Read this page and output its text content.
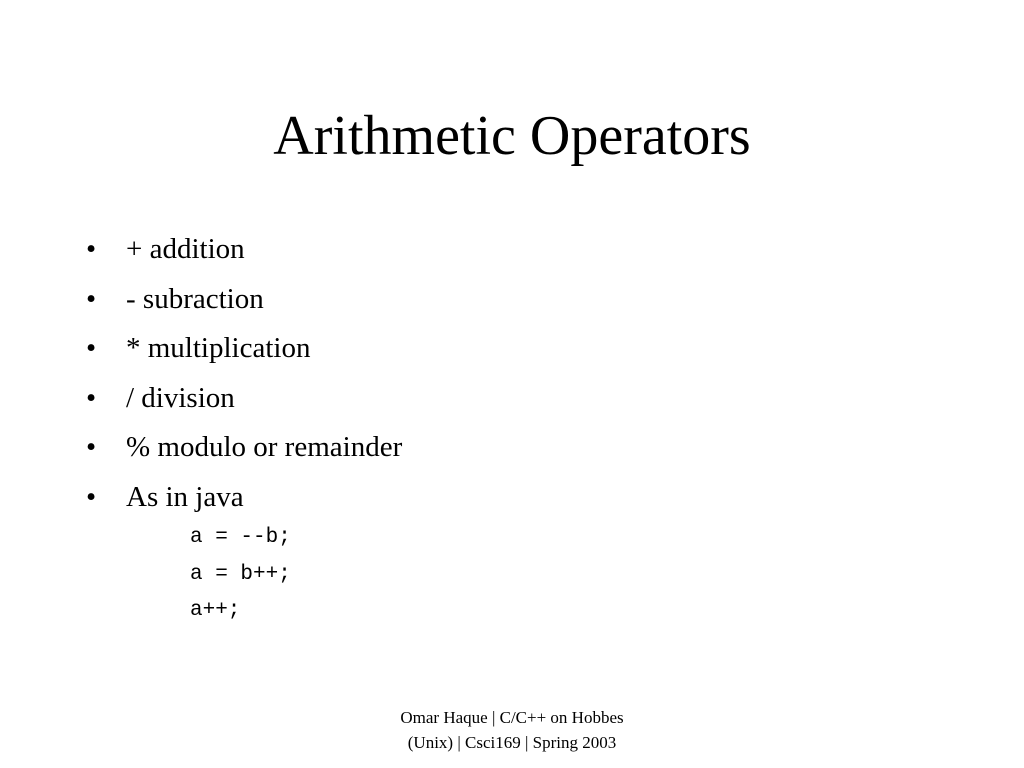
Arithmetic Operators
• + addition
• - subraction
• * multiplication
• / division
• % modulo or remainder
• As in java
a = --b;
a = b++;
a++;
Omar Haque | C/C++ on Hobbes
(Unix) | Csci169 | Spring 2003
